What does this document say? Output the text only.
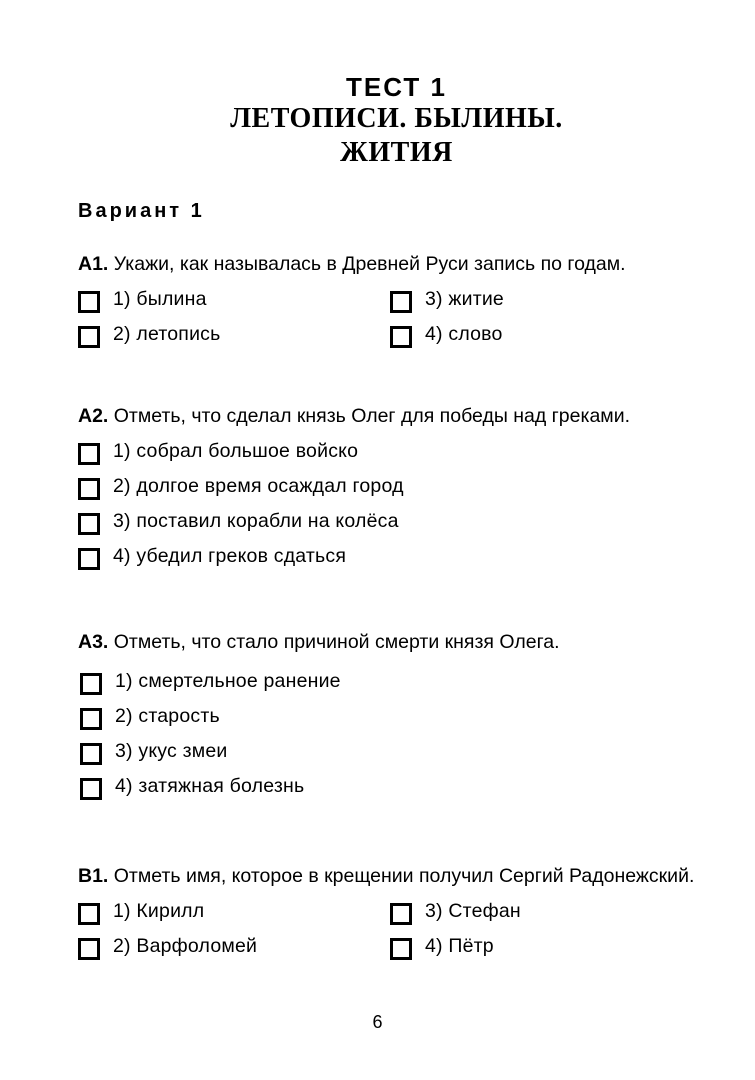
ТЕСТ 1
ЛЕТОПИСИ. БЫЛИНЫ.
ЖИТИЯ
Вариант 1
A1. Укажи, как называлась в Древней Руси запись по годам.
1) былина	3) житие
2) летопись	4) слово
A2. Отметь, что сделал князь Олег для победы над греками.
1) собрал большое войско
2) долгое время осаждал город
3) поставил корабли на колёса
4) убедил греков сдаться
A3. Отметь, что стало причиной смерти князя Олега.
1) смертельное ранение
2) старость
3) укус змеи
4) затяжная болезнь
B1. Отметь имя, которое в крещении получил Сергий Радонежский.
1) Кирилл	3) Стефан
2) Варфоломей	4) Пётр
6
